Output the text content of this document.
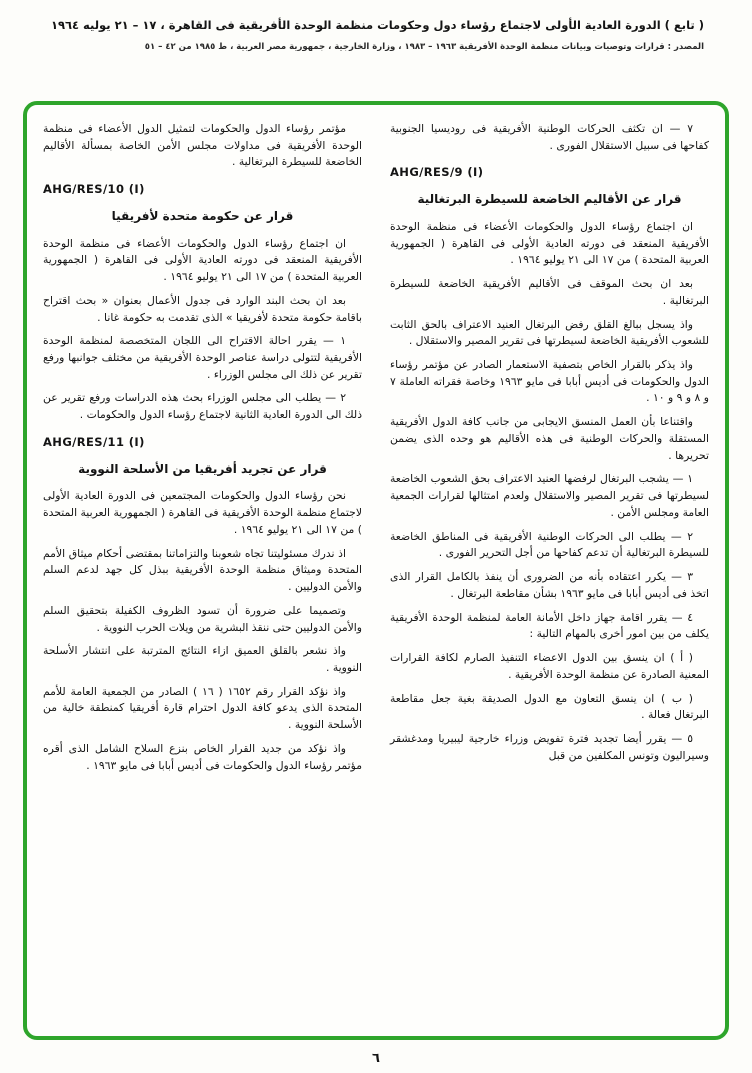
( تابع ) الدورة العادية الأولى لاجتماع رؤساء دول وحكومات منظمة الوحدة الأفريقية فى القاهرة ، ١٧ – ٢١ يوليه ١٩٦٤
المصدر : قرارات وتوصيات وبيانات منظمة الوحدة الأفريقية ١٩٦٣ – ١٩٨٣ ، وزارة الخارجية ، جمهورية مصر العربية ، ط ١٩٨٥ من ٤٢ – ٥١
٧ — ان تكثف الحركات الوطنية الأفريقية فى روديسيا الجنوبية كفاحها فى سبيل الاستقلال الفورى .
AHG/RES/9 (I)
قرار عن الأقاليم الخاضعة للسيطرة البرتغالية
ان اجتماع رؤساء الدول والحكومات الأعضاء فى منظمة الوحدة الأفريقية المنعقد فى دورته العادية الأولى فى القاهرة ( الجمهورية العربية المتحدة ) من ١٧ الى ٢١ يوليو ١٩٦٤ .
بعد ان بحث الموقف فى الأقاليم الأفريقية الخاضعة للسيطرة البرتغالية .
واذ يسجل ببالغ القلق رفض البرتغال العنيد الاعتراف بالحق الثابت للشعوب الأفريقية الخاضعة لسيطرتها فى تقرير المصير والاستقلال .
واذ يذكر بالقرار الخاص بتصفية الاستعمار الصادر عن مؤتمر رؤساء الدول والحكومات فى أديس أبابا فى مايو ١٩٦٣ وخاصة فقراته العاملة ٧ و ٨ و ٩ و ١٠ .
واقتناعا بأن العمل المنسق الايجابى من جانب كافة الدول الأفريقية المستقلة والحركات الوطنية فى هذه الأقاليم هو وحده الذى يضمن تحريرها .
١ — يشجب البرتغال لرفضها العنيد الاعتراف بحق الشعوب الخاضعة لسيطرتها فى تقرير المصير والاستقلال ولعدم امتثالها لقرارات الجمعية العامة ومجلس الأمن .
٢ — يطلب الى الحركات الوطنية الأفريقية فى المناطق الخاضعة للسيطرة البرتغالية أن تدعم كفاحها من أجل التحرير الفورى .
٣ — يكرر اعتقاده بأنه من الضرورى أن ينفذ بالكامل القرار الذى اتخذ فى أديس أبابا فى مايو ١٩٦٣ بشأن مقاطعة البرتغال .
٤ — يقرر اقامة جهاز داخل الأمانة العامة لمنظمة الوحدة الأفريقية يكلف من بين امور أخرى بالمهام التالية :
( أ ) ان ينسق بين الدول الاعضاء التنفيذ الصارم لكافة القرارات المعنية الصادرة عن منظمة الوحدة الأفريقية .
( ب ) ان ينسق التعاون مع الدول الصديقة بغية جعل مقاطعة البرتغال فعالة .
٥ — يقرر أيضا تجديد فترة تفويض وزراء خارجية ليبيريا ومدغشقر وسيراليون وتونس المكلفين من قبل
مؤتمر رؤساء الدول والحكومات لتمثيل الدول الأعضاء فى منظمة الوحدة الأفريقية فى مداولات مجلس الأمن الخاصة بمسألة الأقاليم الخاضعة للسيطرة البرتغالية .
AHG/RES/10 (I)
قرار عن حكومة متحدة لأفريقيا
ان اجتماع رؤساء الدول والحكومات الأعضاء فى منظمة الوحدة الأفريقية المنعقد فى دورته العادية الأولى فى القاهرة ( الجمهورية العربية المتحدة ) من ١٧ الى ٢١ يوليو ١٩٦٤ .
بعد ان بحث البند الوارد فى جدول الأعمال بعنوان « بحث اقتراح باقامة حكومة متحدة لأفريقيا » الذى تقدمت به حكومة غانا .
١ — يقرر احالة الاقتراح الى اللجان المتخصصة لمنظمة الوحدة الأفريقية لتتولى دراسة عناصر الوحدة الأفريقية من مختلف جوانبها ورفع تقرير عن ذلك الى مجلس الوزراء .
٢ — يطلب الى مجلس الوزراء بحث هذه الدراسات ورفع تقرير عن ذلك الى الدورة العادية الثانية لاجتماع رؤساء الدول والحكومات .
AHG/RES/11 (I)
قرار عن تجريد أفريقيا من الأسلحة النووية
نحن رؤساء الدول والحكومات المجتمعين فى الدورة العادية الأولى لاجتماع منظمة الوحدة الأفريقية فى القاهرة ( الجمهورية العربية المتحدة ) من ١٧ الى ٢١ يوليو ١٩٦٤ .
اذ ندرك مسئوليتنا تجاه شعوبنا والتزاماتنا بمقتضى أحكام ميثاق الأمم المتحدة وميثاق منظمة الوحدة الأفريقية ببذل كل جهد لدعم السلم والأمن الدوليين .
وتصميما على ضرورة أن تسود الظروف الكفيلة بتحقيق السلم والأمن الدوليين حتى ننقذ البشرية من ويلات الحرب النووية .
واذ نشعر بالقلق العميق ازاء النتائج المترتبة على انتشار الأسلحة النووية .
واذ نؤكد القرار رقم ١٦٥٢ ( ١٦ ) الصادر من الجمعية العامة للأمم المتحدة الذى يدعو كافة الدول احترام قارة أفريقيا كمنطقة خالية من الأسلحة النووية .
واذ نؤكد من جديد القرار الخاص بنزع السلاح الشامل الذى أقره مؤتمر رؤساء الدول والحكومات فى أديس أبابا فى مايو ١٩٦٣ .
٦
